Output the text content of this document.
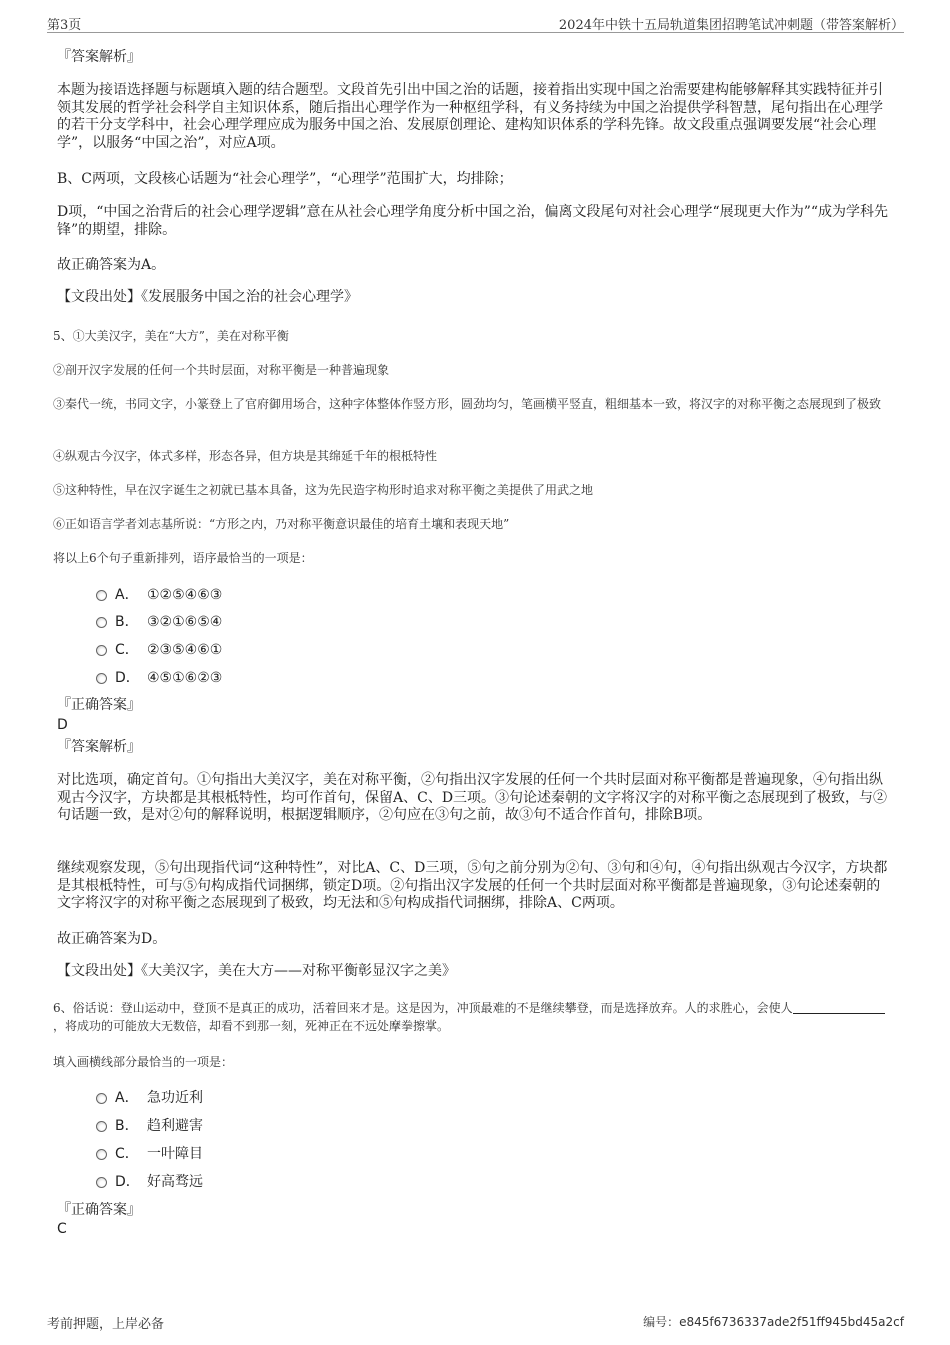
第3页	2024年中铁十五局轨道集团招聘笔试冲刺题（带答案解析）
『答案解析』
本题为接语选择题与标题填入题的结合题型。文段首先引出中国之治的话题，接着指出实现中国之治需要建构能够解释其实践特征并引领其发展的哲学社会科学自主知识体系，随后指出心理学作为一种枢纽学科，有义务持续为中国之治提供学科智慧，尾句指出在心理学的若干分支学科中，社会心理学理应成为服务中国之治、发展原创理论、建构知识体系的学科先锋。故文段重点强调要发展“社会心理学”，以服务“中国之治”，对应A项。
B、C两项，文段核心话题为“社会心理学”，“心理学”范围扩大，均排除；
D项，“中国之治背后的社会心理学逻辑”意在从社会心理学角度分析中国之治，偏离文段尾句对社会心理学“展现更大作为”“成为学科先锋”的期望，排除。
故正确答案为A。
【文段出处】《发展服务中国之治的社会心理学》
5、①大美汉字，美在“大方”，美在对称平衡
②剖开汉字发展的任何一个共时层面，对称平衡是一种普遍现象
③秦代一统，书同文字，小篆登上了官府御用场合，这种字体整体作竖方形，圆劲均匀，笔画横平竖直，粗细基本一致，将汉字的对称平衡之态展现到了极致
④纵观古今汉字，体式多样，形态各异，但方块是其绵延千年的根柢特性
⑤这种特性，早在汉字诞生之初就已基本具备，这为先民造字构形时追求对称平衡之美提供了用武之地
⑥正如语言学者刘志基所说：“方形之内，乃对称平衡意识最佳的培育土壤和表现天地”
将以上6个句子重新排列，语序最恰当的一项是：
A． ①②⑤④⑥③
B． ③②①⑥⑤④
C． ②③⑤④⑥①
D． ④⑤①⑥②③
『正确答案』
D
『答案解析』
对比选项，确定首句。①句指出大美汉字，美在对称平衡，②句指出汉字发展的任何一个共时层面对称平衡都是普遍现象，④句指出纵观古今汉字，方块都是其根柢特性，均可作首句，保留A、C、D三项。③句论述秦朝的文字将汉字的对称平衡之态展现到了极致，与②句话题一致，是对②句的解释说明，根据逻辑顺序，②句应在③句之前，故③句不适合作首句，排除B项。
继续观察发现，⑤句出现指代词“这种特性”，对比A、C、D三项，⑤句之前分别为②句、③句和④句，④句指出纵观古今汉字，方块都是其根柢特性，可与⑤句构成指代词捆绑，锁定D项。②句指出汉字发展的任何一个共时层面对称平衡都是普遍现象，③句论述秦朝的文字将汉字的对称平衡之态展现到了极致，均无法和⑤句构成指代词捆绑，排除A、C两项。
故正确答案为D。
【文段出处】《大美汉字，美在大方——对称平衡彰显汉字之美》
6、俗话说：登山运动中，登顶不是真正的成功，活着回来才是。这是因为，冲顶最难的不是继续攀登，而是选择放弃。人的求胜心，会使人，将成功的可能放大无数倍，却看不到那一刻，死神正在不远处摩拳擦掌。
填入画横线部分最恰当的一项是：
A． 急功近利
B． 趋利避害
C． 一叶障目
D． 好高骛远
『正确答案』
C
考前押题，上岸必备	编号：e845f6736337ade2f51ff945bd45a2cf
